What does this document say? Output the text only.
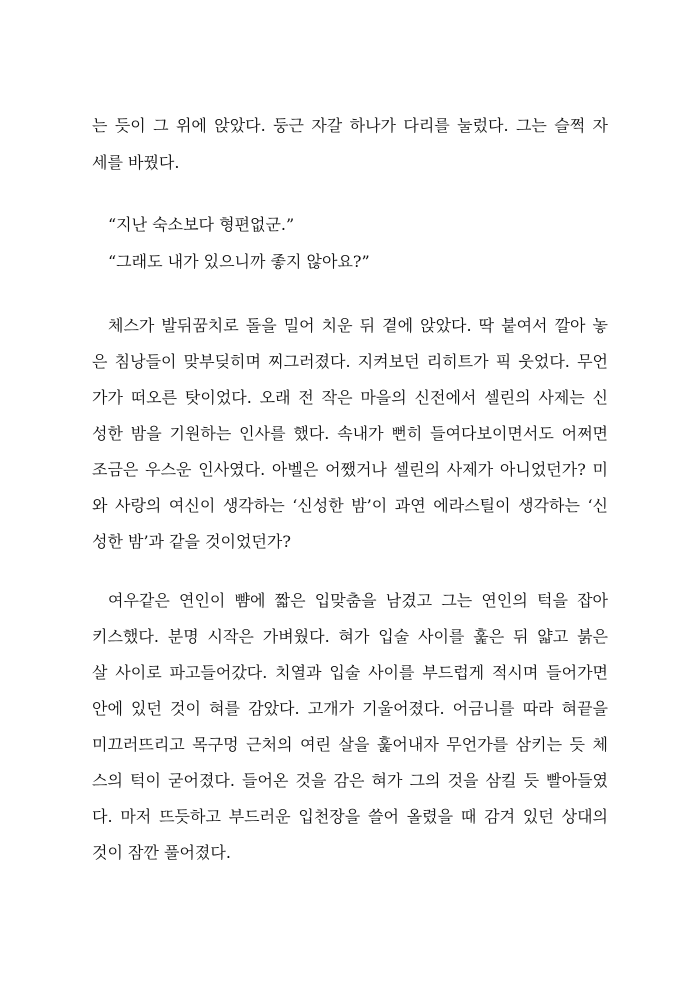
는 듯이 그 위에 앉았다. 둥근 자갈 하나가 다리를 눌렀다. 그는 슬쩍 자
세를 바꿨다.
“지난 숙소보다 형편없군.”
“그래도 내가 있으니까 좋지 않아요?”
체스가 발뒤꿈치로 돌을 밀어 치운 뒤 곁에 앉았다. 딱 붙여서 깔아 놓
은 침낭들이 맞부딪히며 찌그러졌다. 지켜보던 리히트가 픽 웃었다. 무언
가가 떠오른 탓이었다. 오래 전 작은 마을의 신전에서 셀린의 사제는 신
성한 밤을 기원하는 인사를 했다. 속내가 뻔히 들여다보이면서도 어쩌면
조금은 우스운 인사였다. 아벨은 어쨌거나 셀린의 사제가 아니었던가? 미
와 사랑의 여신이 생각하는 ‘신성한 밤’이 과연 에라스틸이 생각하는 ‘신
성한 밤’과 같을 것이었던가?
여우같은 연인이 뺨에 짧은 입맞춤을 남겼고 그는 연인의 턱을 잡아
키스했다. 분명 시작은 가벼웠다. 혀가 입술 사이를 훑은 뒤 얇고 붉은
살 사이로 파고들어갔다. 치열과 입술 사이를 부드럽게 적시며 들어가면
안에 있던 것이 혀를 감았다. 고개가 기울어졌다. 어금니를 따라 혀끝을
미끄러뜨리고 목구멍 근처의 여린 살을 훑어내자 무언가를 삼키는 듯 체
스의 턱이 굳어졌다. 들어온 것을 감은 혀가 그의 것을 삼킬 듯 빨아들였
다. 마저 뜨듯하고 부드러운 입천장을 쓸어 올렸을 때 감겨 있던 상대의
것이 잠깐 풀어졌다.
